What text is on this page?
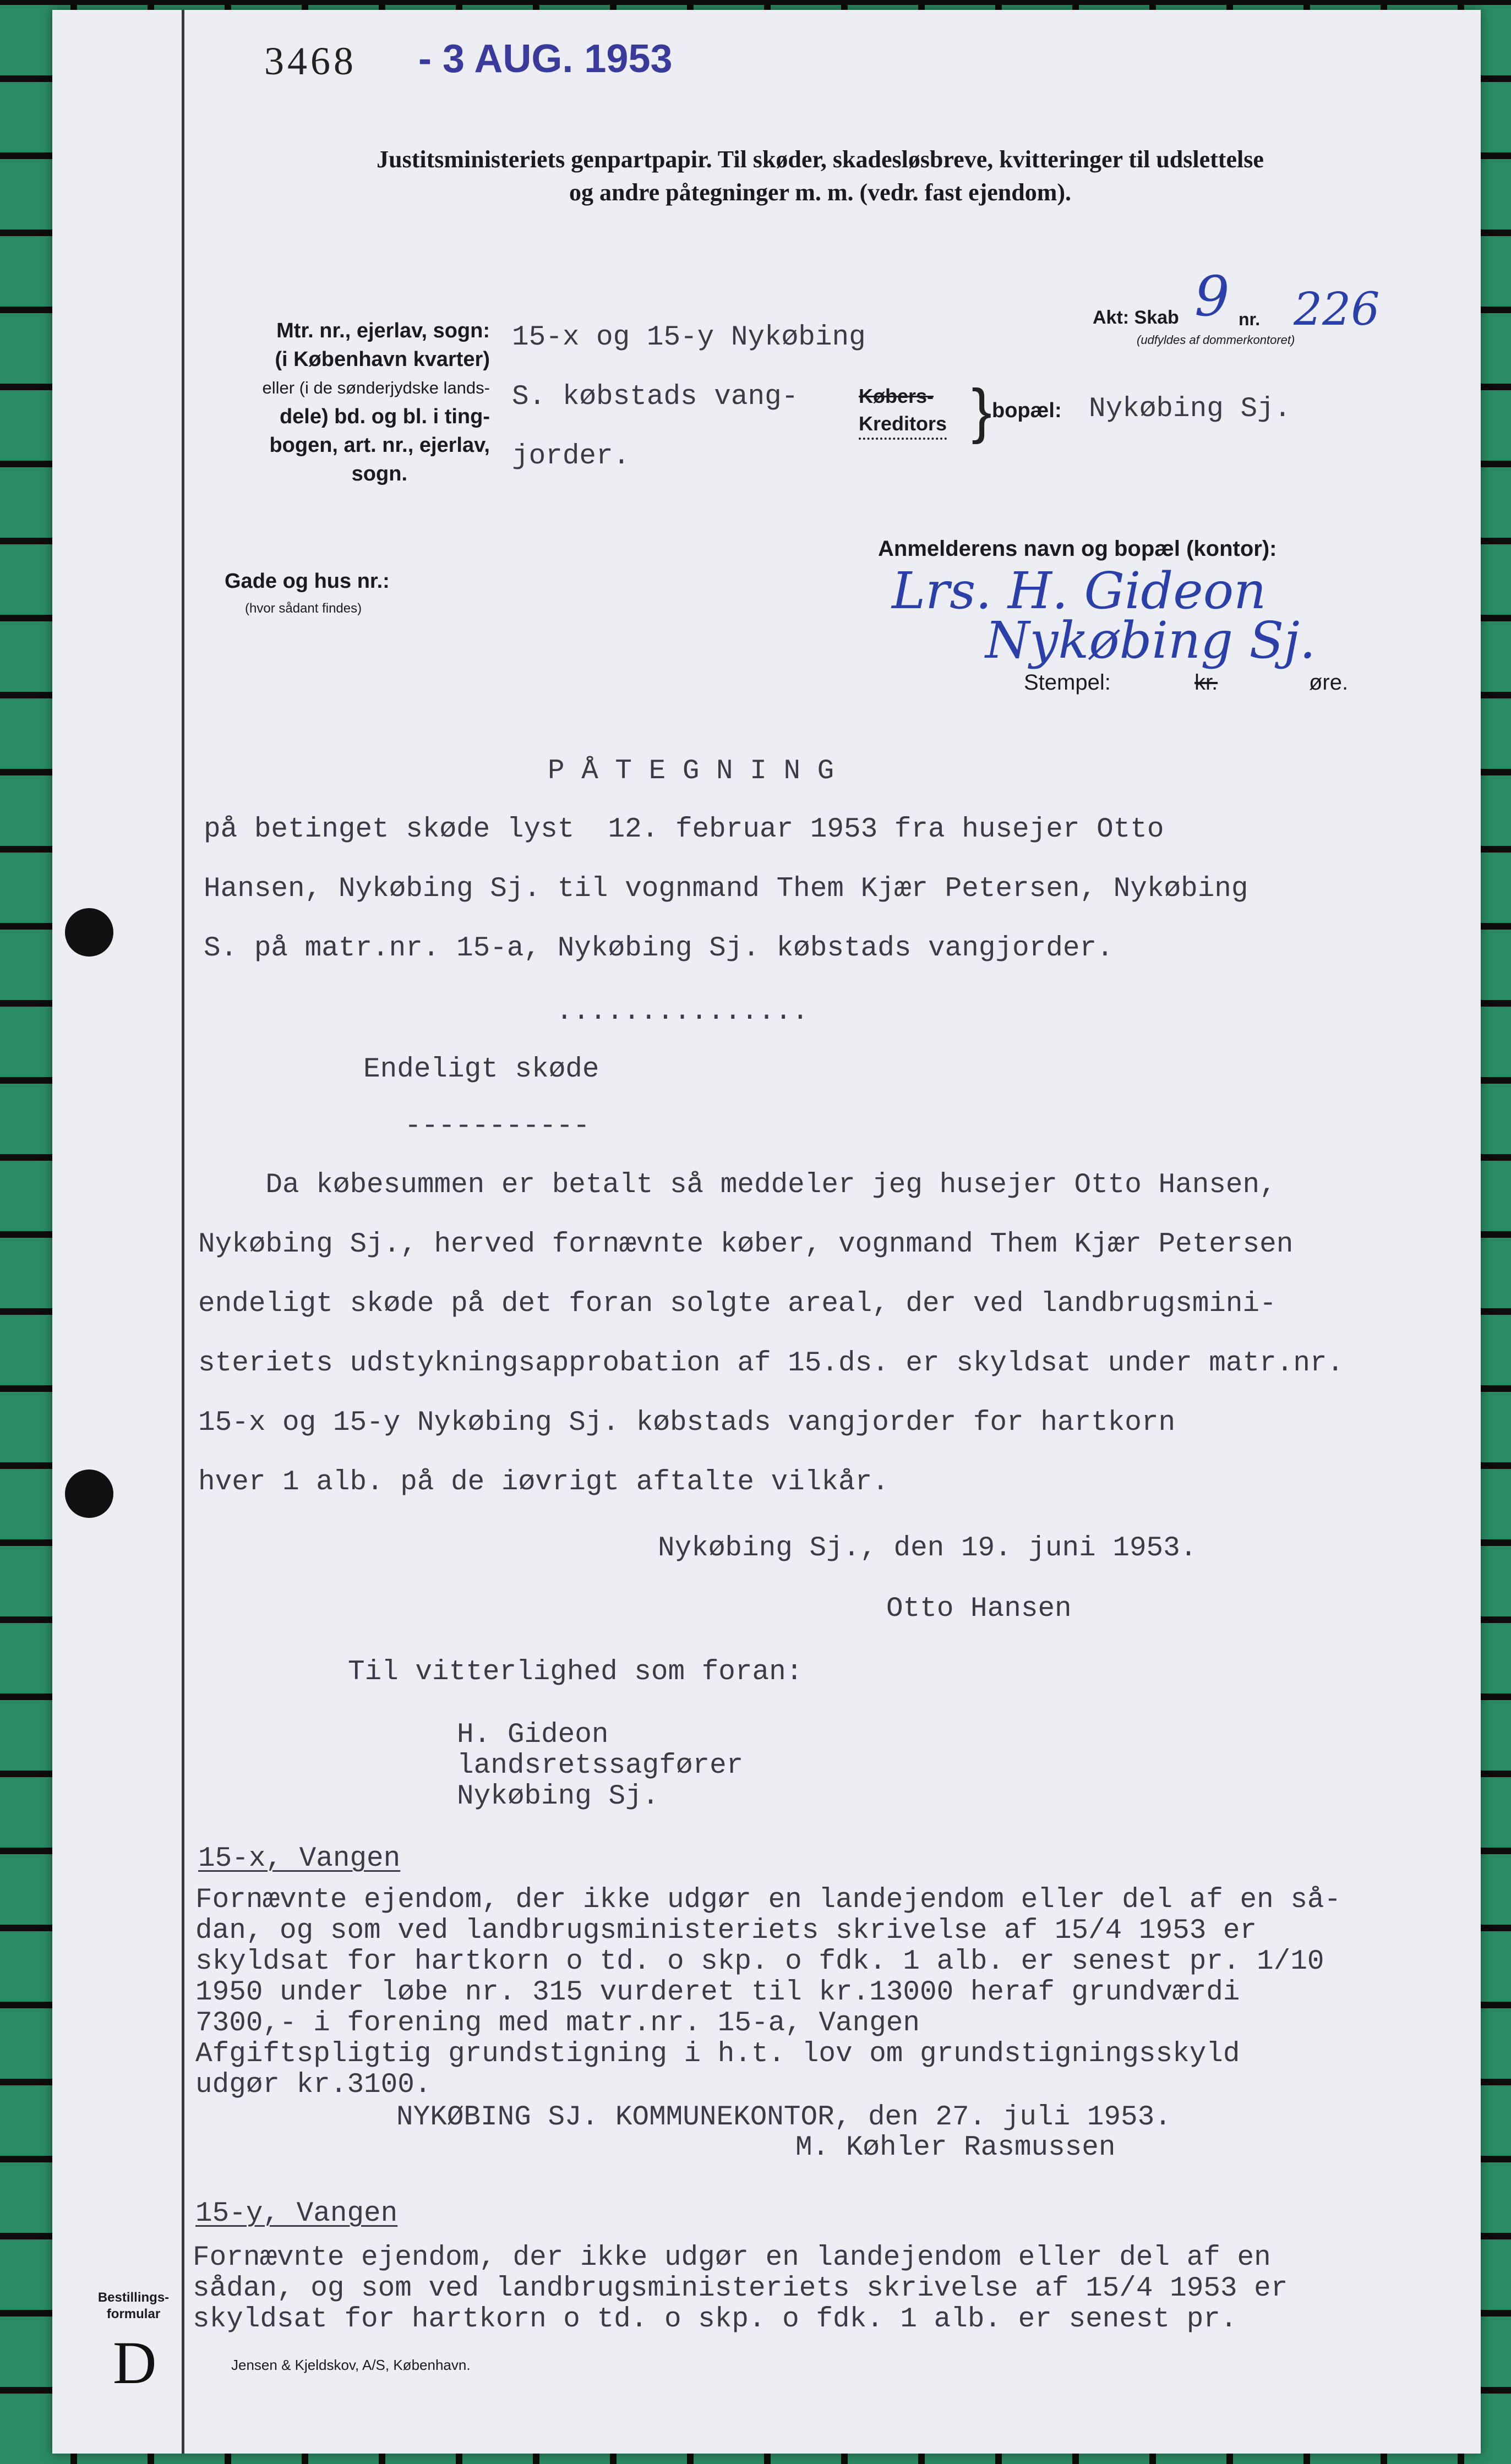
3468 - 3 AUG. 1953
Justitsministeriets genpartpapir. Til skøder, skadesløsbreve, kvitteringer til udslettelse
og andre påtegninger m. m. (vedr. fast ejendom).
Mtr. nr., ejerlav, sogn:
(i København kvarter)
eller (i de sønderjydske lands-
dele) bd. og bl. i ting-
bogen, art. nr., ejerlav,
sogn.
15-x og 15-y Nykøbing
S. købstads vang-
jorder.
Akt: Skab 9 nr. 226
(udfyldes af dommerkontoret)
Købers-
Kreditors } bopæl: Nykøbing Sj.
Gade og hus nr.:
(hvor sådant findes)
Anmelderens navn og bopæl (kontor):
Lrs. H. Gideon
Nykøbing Sj.
Stempel:	kr.	øre.
P Å T E G N I N G
på betinget skøde lyst  12. februar 1953 fra husejer Otto
Hansen, Nykøbing Sj. til vognmand Them Kjær Petersen, Nykøbing
S. på matr.nr. 15-a, Nykøbing Sj. købstads vangjorder.
...............
Endeligt skøde
-----------
Da købesummen er betalt så meddeler jeg husejer Otto Hansen,
Nykøbing Sj., herved fornævnte køber, vognmand Them Kjær Petersen
endeligt skøde på det foran solgte areal, der ved landbrugsmini-
steriets udstykningsapprobation af 15.ds. er skyldsat under matr.nr.
15-x og 15-y Nykøbing Sj. købstads vangjorder for hartkorn
hver 1 alb. på de iøvrigt aftalte vilkår.
Nykøbing Sj., den 19. juni 1953.
Otto Hansen
Til vitterlighed som foran:
H. Gideon
landsretssagfører
Nykøbing Sj.
15-x, Vangen
Fornævnte ejendom, der ikke udgør en landejendom eller del af en så-
dan, og som ved landbrugsministeriets skrivelse af 15/4 1953 er
skyldsat for hartkorn o td. o skp. o fdk. 1 alb. er senest pr. 1/10
1950 under løbe nr. 315 vurderet til kr.13000 heraf grundværdi
7300,- i forening med matr.nr. 15-a, Vangen
Afgiftspligtig grundstigning i h.t. lov om grundstigningsskyld
udgør kr.3100.
NYKØBING SJ. KOMMUNEKONTOR, den 27. juli 1953.
M. Køhler Rasmussen
15-y, Vangen
Fornævnte ejendom, der ikke udgør en landejendom eller del af en
sådan, og som ved landbrugsministeriets skrivelse af 15/4 1953 er
skyldsat for hartkorn o td. o skp. o fdk. 1 alb. er senest pr.
Bestillings-
formular
D	Jensen & Kjeldskov, A/S, København.
